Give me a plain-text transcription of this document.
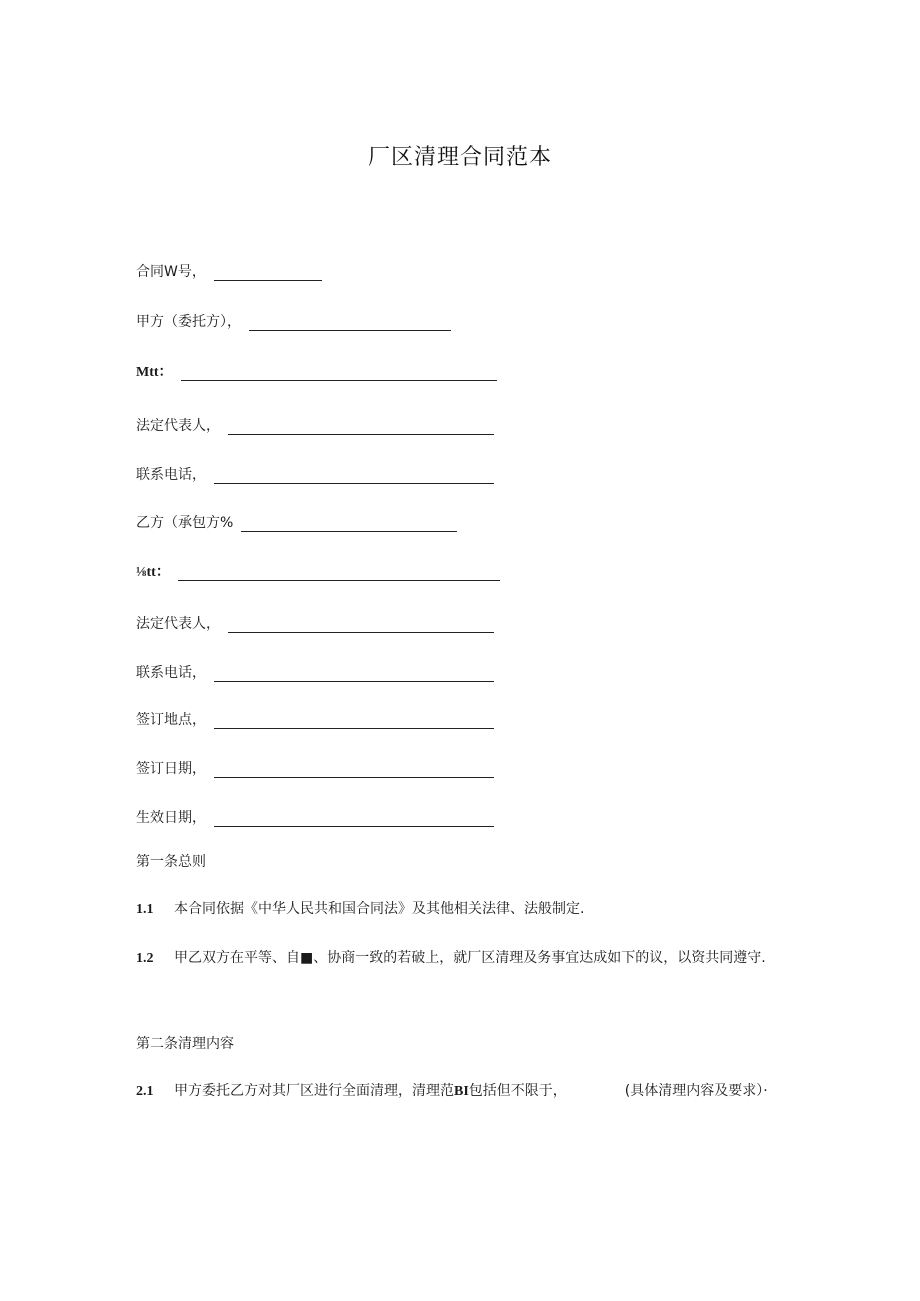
厂区清理合同范本
合同W号，
甲方（委托方），
Mtt：
法定代表人，
联系电话，
乙方（承包方%
⅛tt：
法定代表人，
联系电话，
签订地点，
签订日期，
生效日期，
第一条总则
1.1 本合同依据《中华人民共和国合同法》及其他相关法律、法般制定.
1.2 甲乙双方在平等、自■、协商一致的若破上，就厂区清理及务事宜达成如下的议，以资共同遵守.
第二条清理内容
2.1 甲方委托乙方对其厂区进行全面清理，清理范BI包括但不限于，	(具体清理内容及要求）·
